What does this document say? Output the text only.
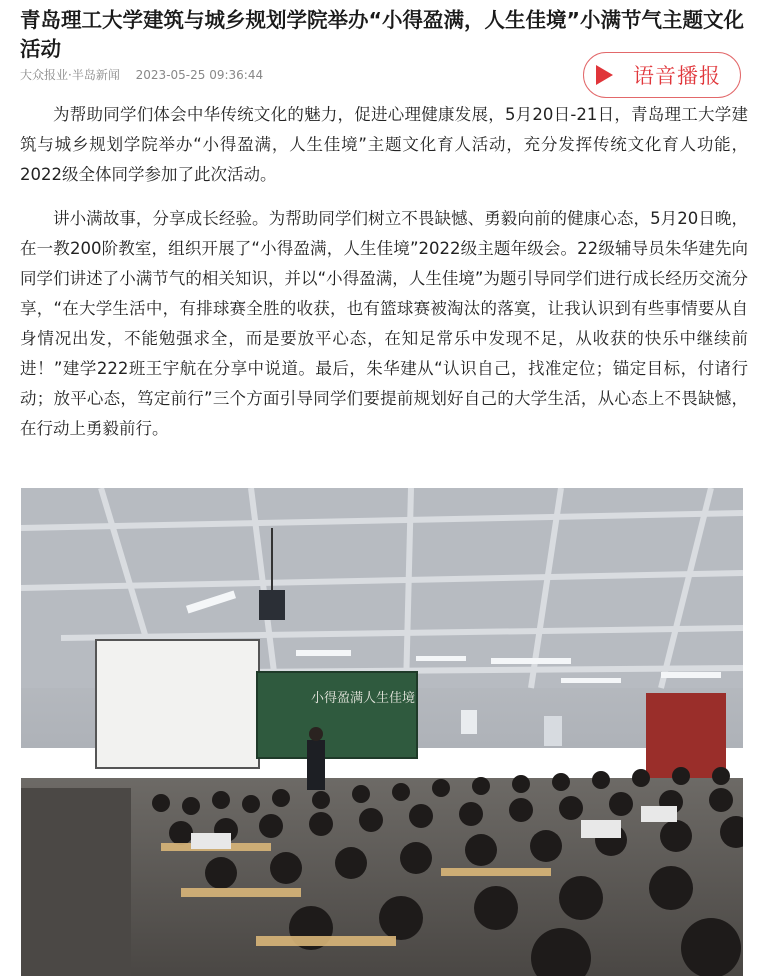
青岛理工大学建筑与城乡规划学院举办“小得盈满，人生佳境”小满节气主题文化活动
大众报业·半岛新闻 2023-05-25 09:36:44	语音播报

为帮助同学们体会中华传统文化的魅力，促进心理健康发展，5月20日-21日，青岛理工大学建筑与城乡规划学院举办“小得盈满，人生佳境”主题文化育人活动，充分发挥传统文化育人功能，2022级全体同学参加了此次活动。

讲小满故事，分享成长经验。为帮助同学们树立不畏缺憾、勇毅向前的健康心态，5月20日晚，在一教200阶教室，组织开展了“小得盈满，人生佳境”2022级主题年级会。22级辅导员朱华建先向同学们讲述了小满节气的相关知识，并以“小得盈满，人生佳境”为题引导同学们进行成长经历交流分享，“在大学生活中，有排球赛全胜的收获，也有篮球赛被淘汰的落寞，让我认识到有些事情要从自身情况出发，不能勉强求全，而是要放平心态，在知足常乐中发现不足，从收获的快乐中继续前进！”建学222班王宇航在分享中说道。最后，朱华建从“认识自己，找准定位；锚定目标，付诸行动；放平心态，笃定前行”三个方面引导同学们要提前规划好自己的大学生活，从心态上不畏缺憾，在行动上勇毅前行。

小得盈满人生佳境
